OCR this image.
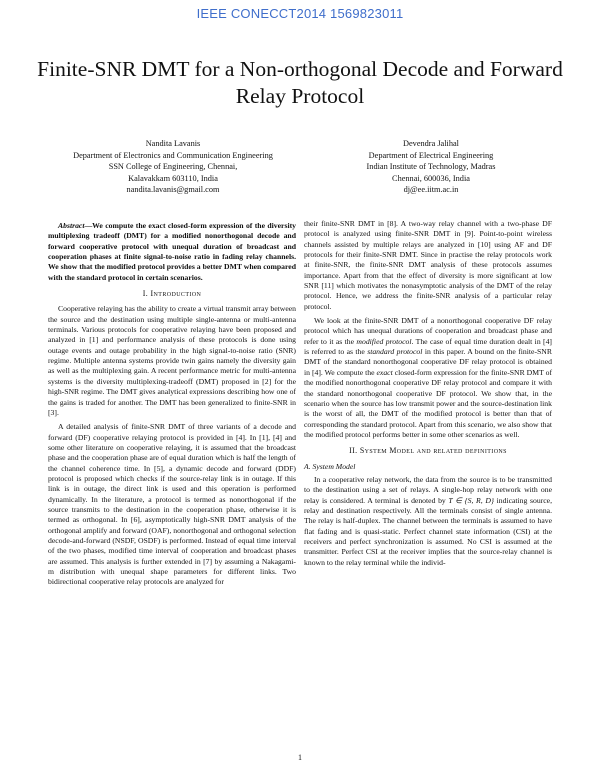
IEEE CONECCT2014 1569823011
Finite-SNR DMT for a Non-orthogonal Decode and Forward Relay Protocol
Nandita Lavanis
Department of Electronics and Communication Engineering
SSN College of Engineering, Chennai,
Kalavakkam 603110, India
nandita.lavanis@gmail.com
Devendra Jalihal
Department of Electrical Engineering
Indian Institute of Technology, Madras
Chennai, 600036, India
dj@ee.iitm.ac.in

Abstract—We compute the exact closed-form expression of the diversity multiplexing tradeoff (DMT) for a modified nonorthogonal decode and forward cooperative protocol with unequal duration of broadcast and cooperation phases at finite signal-to-noise ratio in fading relay channels. We show that the modified protocol provides a better DMT when compared with the standard protocol in certain scenarios.

I. Introduction

Cooperative relaying has the ability to create a virtual transmit array between the source and the destination using multiple single-antenna or multi-antenna terminals. Various protocols for cooperative relaying have been proposed and analyzed in [1] and performance analysis of these protocols is done using outage events and outage probability in the high signal-to-noise ratio (SNR) regime. Multiple antenna systems provide twin gains namely the diversity gain as well as the multiplexing gain. A recent performance metric for multi-antenna systems is the diversity multiplexing-tradeoff (DMT) proposed in [2] for the high-SNR regime. The DMT gives analytical expressions describing how one of the gains is traded for another. The DMT has been generalized to finite-SNR in [3].

A detailed analysis of finite-SNR DMT of three variants of a decode and forward (DF) cooperative relaying protocol is provided in [4]. In [1], [4] and some other literature on cooperative relaying, it is assumed that the broadcast phase and the cooperation phase are of equal duration which is half the length of the channel coherence time. In [5], a dynamic decode and forward (DDF) protocol is proposed which checks if the source-relay link is in outage. If this link is in outage, the direct link is used and this operation is performed dynamically. In the literature, a protocol is termed as nonorthogonal if the source transmits to the destination in the cooperation phase, otherwise it is termed as orthogonal. In [6], asymptotically high-SNR DMT analysis of the orthogonal amplify and forward (OAF), nonorthogonal and orthogonal selection decode-and-forward (NSDF, OSDF) is performed. Instead of equal time interval of the two phases, modified time interval of cooperation and broadcast phases are assumed. This analysis is further extended in [7] by assuming a Nakagami-m distribution with unequal shape parameters for different links. Two bidirectional cooperative relay protocols are analyzed for

their finite-SNR DMT in [8]. A two-way relay channel with a two-phase DF protocol is analyzed using finite-SNR DMT in [9]. Point-to-point wireless channels assisted by multiple relays are analyzed in [10] using AF and DF protocols for their finite-SNR DMT. Since in practise the relay protocols work at finite-SNR, the finite-SNR DMT analysis of these protocols assumes importance. Apart from that the effect of diversity is more significant at low SNR [11] which motivates the nonasymptotic analysis of the DMT of the relay protocol. Hence, we address the finite-SNR analysis of a particular relay protocol.

We look at the finite-SNR DMT of a nonorthogonal cooperative DF relay protocol which has unequal durations of cooperation and broadcast phase and refer to it as the modified protocol. The case of equal time duration dealt in [4] is referred to as the standard protocol in this paper. A bound on the finite-SNR DMT of the standard nonorthogonal cooperative DF relay protocol is obtained in [4]. We compute the exact closed-form expression for the finite-SNR DMT of the modified nonorthogonal cooperative DF relay protocol and compare it with the standard nonorthogonal cooperative DF protocol. We show that, in the scenario when the source has low transmit power and the source-destination link is the worst of all, the DMT of the modified protocol is better than that of corresponding the standard protocol. Apart from this scenario, we also show that the modified protocol performs better in some other scenarios as well.

II. System Model and related definitions
A. System Model

In a cooperative relay network, the data from the source is to be transmitted to the destination using a set of relays. A single-hop relay network with one relay is considered. A terminal is denoted by T ∈ {S, R, D} indicating source, relay and destination respectively. All the terminals consist of single antenna. The relay is half-duplex. The channel between the terminals is assumed to have flat fading and is quasi-static. Perfect channel state information (CSI) at the receivers and perfect synchronization is assumed. No CSI is assumed at the transmitter. Perfect CSI at the receiver implies that the source-relay channel is known to the relay terminal while the individ-

1
